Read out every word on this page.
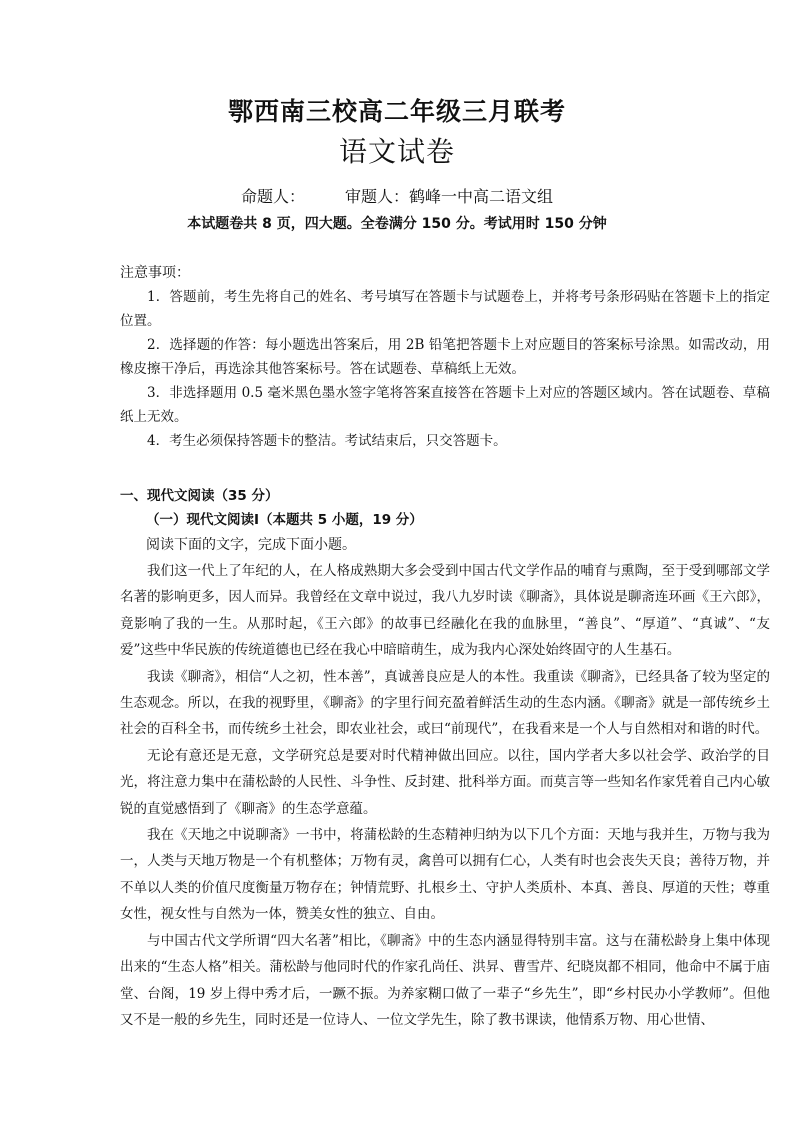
鄂西南三校高二年级三月联考
语文试卷
命题人：	审题人：鹤峰一中高二语文组
本试题卷共 8 页，四大题。全卷满分 150 分。考试用时 150 分钟
注意事项：

1．答题前，考生先将自己的姓名、考号填写在答题卡与试题卷上，并将考号条形码贴在答题卡上的指定位置。

2．选择题的作答：每小题选出答案后，用 2B 铅笔把答题卡上对应题目的答案标号涂黑。如需改动，用橡皮擦干净后，再选涂其他答案标号。答在试题卷、草稿纸上无效。

3．非选择题用 0.5 毫米黑色墨水签字笔将答案直接答在答题卡上对应的答题区域内。答在试题卷、草稿纸上无效。

4．考生必须保持答题卡的整洁。考试结束后，只交答题卡。

一、现代文阅读（35 分）
（一）现代文阅读Ⅰ（本题共 5 小题，19 分）
阅读下面的文字，完成下面小题。

我们这一代上了年纪的人，在人格成熟期大多会受到中国古代文学作品的哺育与熏陶，至于受到哪部文学名著的影响更多，因人而异。我曾经在文章中说过，我八九岁时读《聊斋》，具体说是聊斋连环画《王六郎》，竟影响了我的一生。从那时起，《王六郎》的故事已经融化在我的血脉里，“善良”、“厚道”、“真诚”、“友爱”这些中华民族的传统道德也已经在我心中暗暗萌生，成为我内心深处始终固守的人生基石。

我读《聊斋》，相信“人之初，性本善”，真诚善良应是人的本性。我重读《聊斋》，已经具备了较为坚定的生态观念。所以，在我的视野里，《聊斋》的字里行间充盈着鲜活生动的生态内涵。《聊斋》就是一部传统乡土社会的百科全书，而传统乡土社会，即农业社会，或曰“前现代”，在我看来是一个人与自然相对和谐的时代。

无论有意还是无意，文学研究总是要对时代精神做出回应。以往，国内学者大多以社会学、政治学的目光，将注意力集中在蒲松龄的人民性、斗争性、反封建、批科举方面。而莫言等一些知名作家凭着自己内心敏锐的直觉感悟到了《聊斋》的生态学意蕴。

我在《天地之中说聊斋》一书中，将蒲松龄的生态精神归纳为以下几个方面：天地与我并生，万物与我为一，人类与天地万物是一个有机整体；万物有灵，禽兽可以拥有仁心，人类有时也会丧失天良；善待万物，并不单以人类的价值尺度衡量万物存在；钟情荒野、扎根乡土、守护人类质朴、本真、善良、厚道的天性；尊重女性，视女性与自然为一体，赞美女性的独立、自由。

与中国古代文学所谓“四大名著”相比，《聊斋》中的生态内涵显得特别丰富。这与在蒲松龄身上集中体现出来的“生态人格”相关。蒲松龄与他同时代的作家孔尚任、洪昇、曹雪芹、纪晓岚都不相同，他命中不属于庙堂、台阁，19 岁上得中秀才后，一蹶不振。为养家糊口做了一辈子“乡先生”，即“乡村民办小学教师”。但他又不是一般的乡先生，同时还是一位诗人、一位文学先生，除了教书课读，他情系万物、用心世情、
